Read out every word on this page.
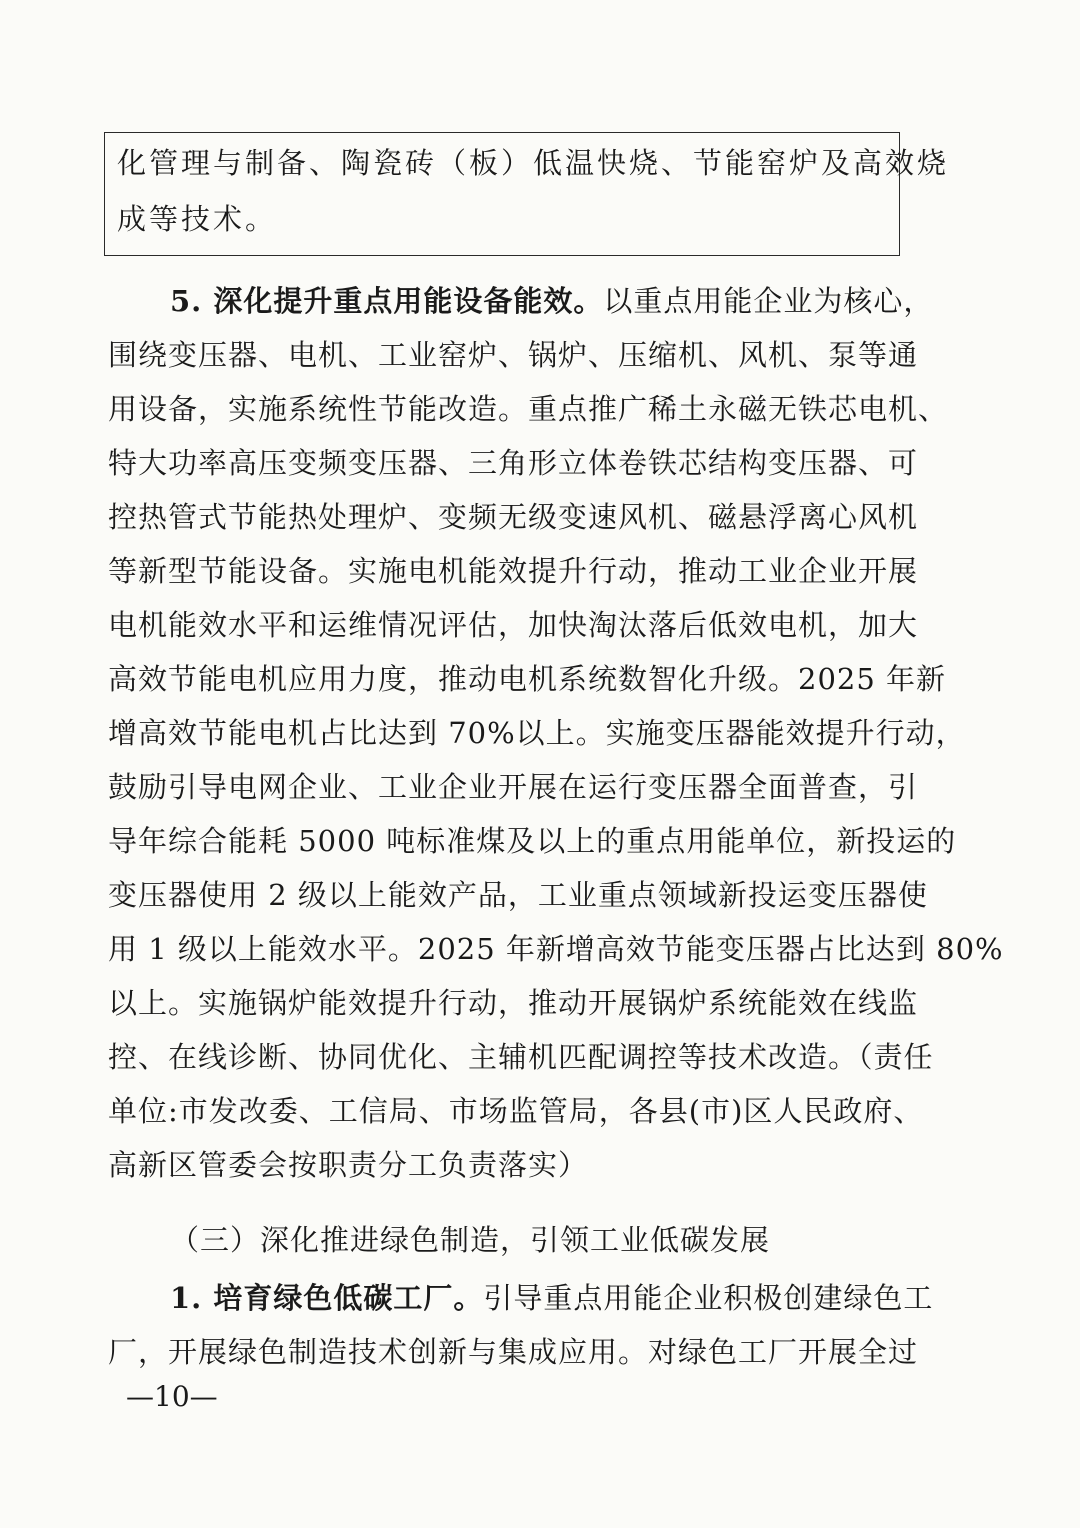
化管理与制备、陶瓷砖（板）低温快烧、节能窑炉及高效烧
成等技术。
5. 深化提升重点用能设备能效。以重点用能企业为核心，
围绕变压器、电机、工业窑炉、锅炉、压缩机、风机、泵等通
用设备，实施系统性节能改造。重点推广稀土永磁无铁芯电机、
特大功率高压变频变压器、三角形立体卷铁芯结构变压器、可
控热管式节能热处理炉、变频无级变速风机、磁悬浮离心风机
等新型节能设备。实施电机能效提升行动，推动工业企业开展
电机能效水平和运维情况评估，加快淘汰落后低效电机，加大
高效节能电机应用力度，推动电机系统数智化升级。2025 年新
增高效节能电机占比达到 70%以上。实施变压器能效提升行动，
鼓励引导电网企业、工业企业开展在运行变压器全面普查，引
导年综合能耗 5000 吨标准煤及以上的重点用能单位，新投运的
变压器使用 2 级以上能效产品，工业重点领域新投运变压器使
用 1 级以上能效水平。2025 年新增高效节能变压器占比达到 80%
以上。实施锅炉能效提升行动，推动开展锅炉系统能效在线监
控、在线诊断、协同优化、主辅机匹配调控等技术改造。（责任
单位:市发改委、工信局、市场监管局，各县(市)区人民政府、
高新区管委会按职责分工负责落实）
（三）深化推进绿色制造，引领工业低碳发展
1. 培育绿色低碳工厂。引导重点用能企业积极创建绿色工
厂，开展绿色制造技术创新与集成应用。对绿色工厂开展全过
—10—
